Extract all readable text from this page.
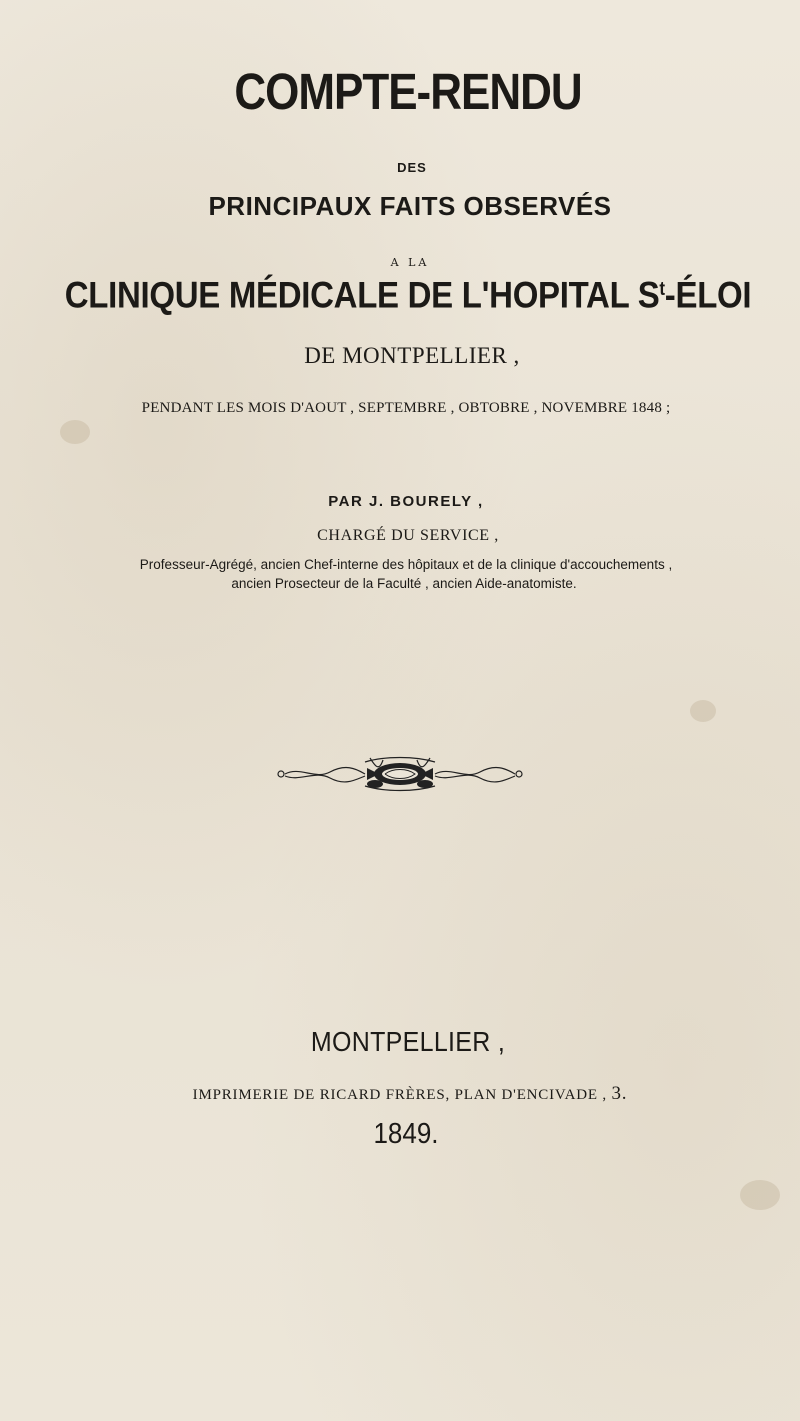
COMPTE-RENDU
DES
PRINCIPAUX FAITS OBSERVÉS
A LA
CLINIQUE MÉDICALE DE L'HOPITAL $S^t$-ÉLOI
DE MONTPELLIER ,
PENDANT LES MOIS D'AOUT , SEPTEMBRE , OBTOBRE , NOVEMBRE 1848 ;
PAR J. BOURELY ,
CHARGÉ DU SERVICE ,
Professeur-Agrégé, ancien Chef-interne des hôpitaux et de la clinique d'accouchements ,
ancien Prosecteur de la Faculté , ancien Aide-anatomiste.
MONTPELLIER ,
IMPRIMERIE DE RICARD FRÈRES, PLAN D'ENCIVADE , 3.
1849.
